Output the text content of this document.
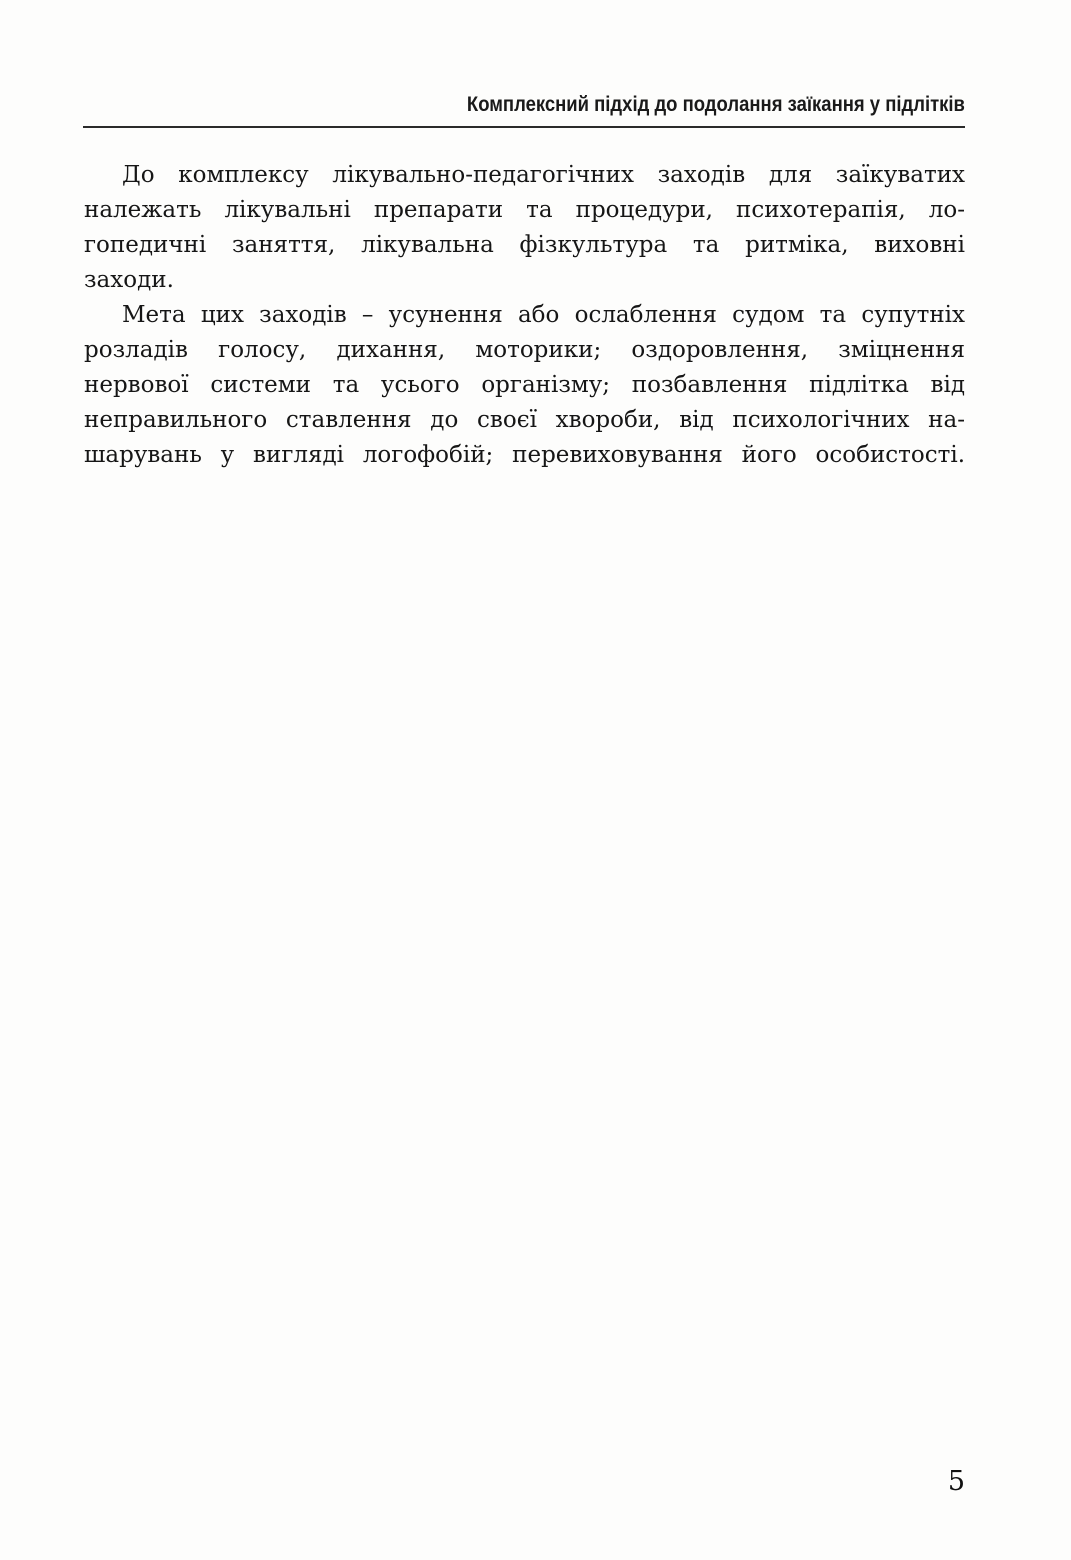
Комплексний підхід до подолання заїкання у підлітків
До комплексу лікувально-педагогічних заходів для заїкуватих
належать лікувальні препарати та процедури, психотерапія, ло-
гопедичні заняття, лікувальна фізкультура та ритміка, виховні
заходи.
Мета цих заходів – усунення або ослаблення судом та супутніх
розладів голосу, дихання, моторики; оздоровлення, зміцнення
нервової системи та усього організму; позбавлення підлітка від
неправильного ставлення до своєї хвороби, від психологічних на-
шарувань у вигляді логофобій; перевиховування його особистості.
5
